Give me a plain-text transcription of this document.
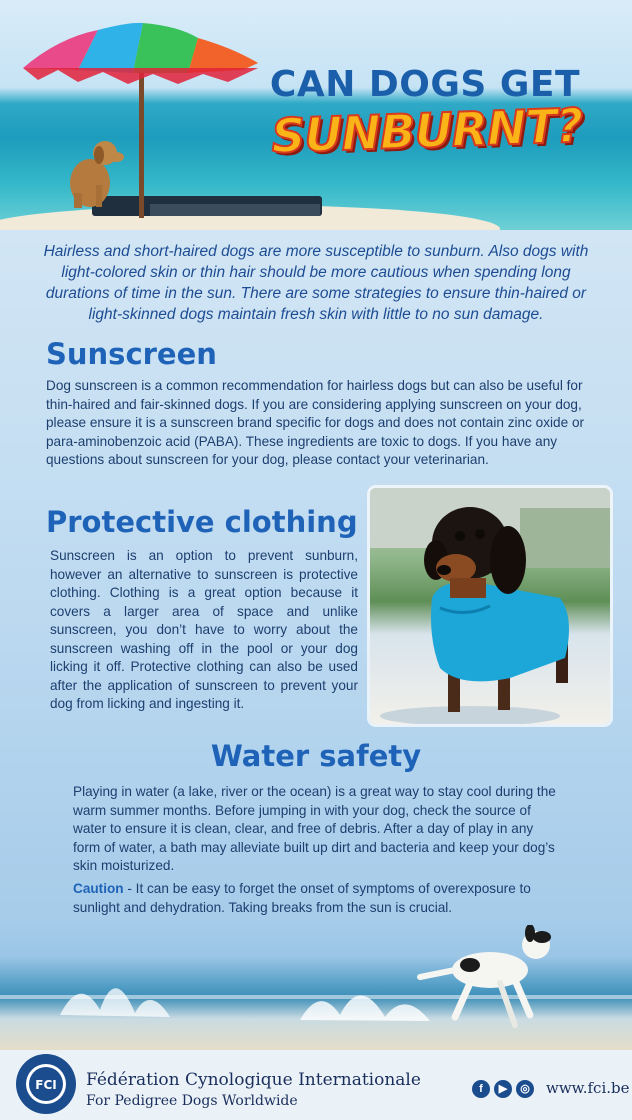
CAN DOGS GET
SUNBURNT?
Hairless and short-haired dogs are more susceptible to sunburn. Also dogs with light-colored skin or thin hair should be more cautious when spending long durations of time in the sun. There are some strategies to ensure thin-haired or light-skinned dogs maintain fresh skin with little to no sun damage.
Sunscreen
Dog sunscreen is a common recommendation for hairless dogs but can also be useful for thin-haired and fair-skinned dogs. If you are considering applying sunscreen on your dog, please ensure it is a sunscreen brand specific for dogs and does not contain zinc oxide or para-aminobenzoic acid (PABA). These ingredients are toxic to dogs. If you have any questions about sunscreen for your dog, please contact your veterinarian.
Protective clothing
Sunscreen is an option to prevent sunburn, however an alternative to sunscreen is protective clothing. Clothing is a great option because it covers a larger area of space and unlike sunscreen, you don’t have to worry about the sunscreen washing off in the pool or your dog licking it off. Protective clothing can also be used after the application of sunscreen to prevent your dog from licking and ingesting it.
Water safety
Playing in water (a lake, river or the ocean) is a great way to stay cool during the warm summer months. Before jumping in with your dog, check the source of water to ensure it is clean, clear, and free of debris. After a day of play in any form of water, a bath may alleviate built up dirt and bacteria and keep your dog’s skin moisturized.
Caution - It can be easy to forget the onset of symptoms of overexposure to sunlight and dehydration. Taking breaks from the sun is crucial.
FCI Fédération Cynologique Internationale
For Pedigree Dogs Worldwide
f	▶	◎ www.fci.be
